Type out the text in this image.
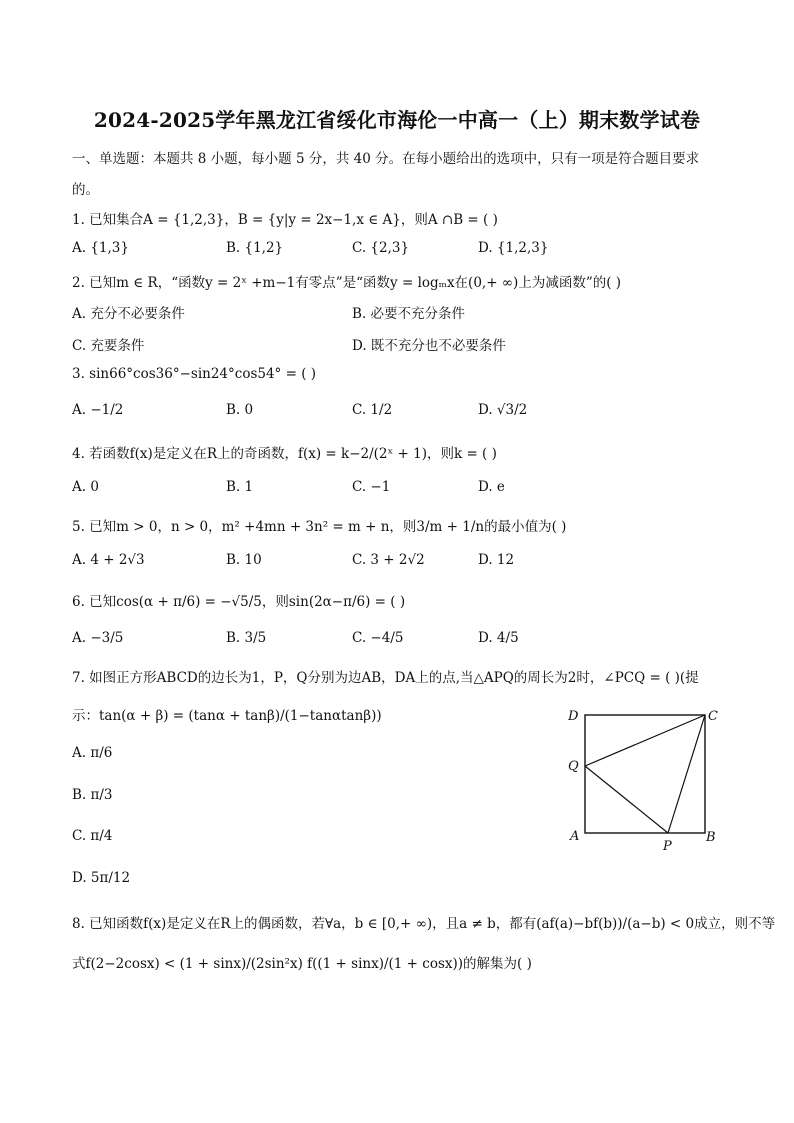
2024-2025学年黑龙江省绥化市海伦一中高一（上）期末数学试卷
一、单选题：本题共 8 小题，每小题 5 分，共 40 分。在每小题给出的选项中，只有一项是符合题目要求
的。
1. 已知集合A = {1,2,3}，B = {y|y = 2x−1,x ∈ A}，则A ∩B = ( )
A. {1,3}	B. {1,2}	C. {2,3}	D. {1,2,3}
2. 已知m ∈ R，“函数y = 2ˣ +m−1有零点”是“函数y = logₘx在(0,+ ∞)上为减函数”的( )
A. 充分不必要条件	B. 必要不充分条件
C. 充要条件	D. 既不充分也不必要条件
3. sin66°cos36°−sin24°cos54° = ( )
A. −1/2	B. 0	C. 1/2	D. √3/2
4. 若函数f(x)是定义在R上的奇函数，f(x) = k−2/(2ˣ + 1)，则k = ( )
A. 0	B. 1	C. −1	D. e
5. 已知m > 0，n > 0，m² +4mn + 3n² = m + n，则3/m + 1/n的最小值为( )
A. 4 + 2√3	B. 10	C. 3 + 2√2	D. 12
6. 已知cos(α + π/6) = −√5/5，则sin(2α−π/6) = ( )
A. −3/5	B. 3/5	C. −4/5	D. 4/5
7. 如图正方形ABCD的边长为1，P，Q分别为边AB，DA上的点,当△APQ的周长为2时，∠PCQ = ( )(提
示：tan(α + β) = (tanα + tanβ)/(1−tanαtanβ))
A. π/6
B. π/3
C. π/4
D. 5π/12
D	C
Q
A
P
B
8. 已知函数f(x)是定义在R上的偶函数，若∀a，b ∈ [0,+ ∞)，且a ≠ b，都有(af(a)−bf(b))/(a−b) < 0成立，则不等
式f(2−2cosx) < (1 + sinx)/(2sin²x) f((1 + sinx)/(1 + cosx))的解集为( )
